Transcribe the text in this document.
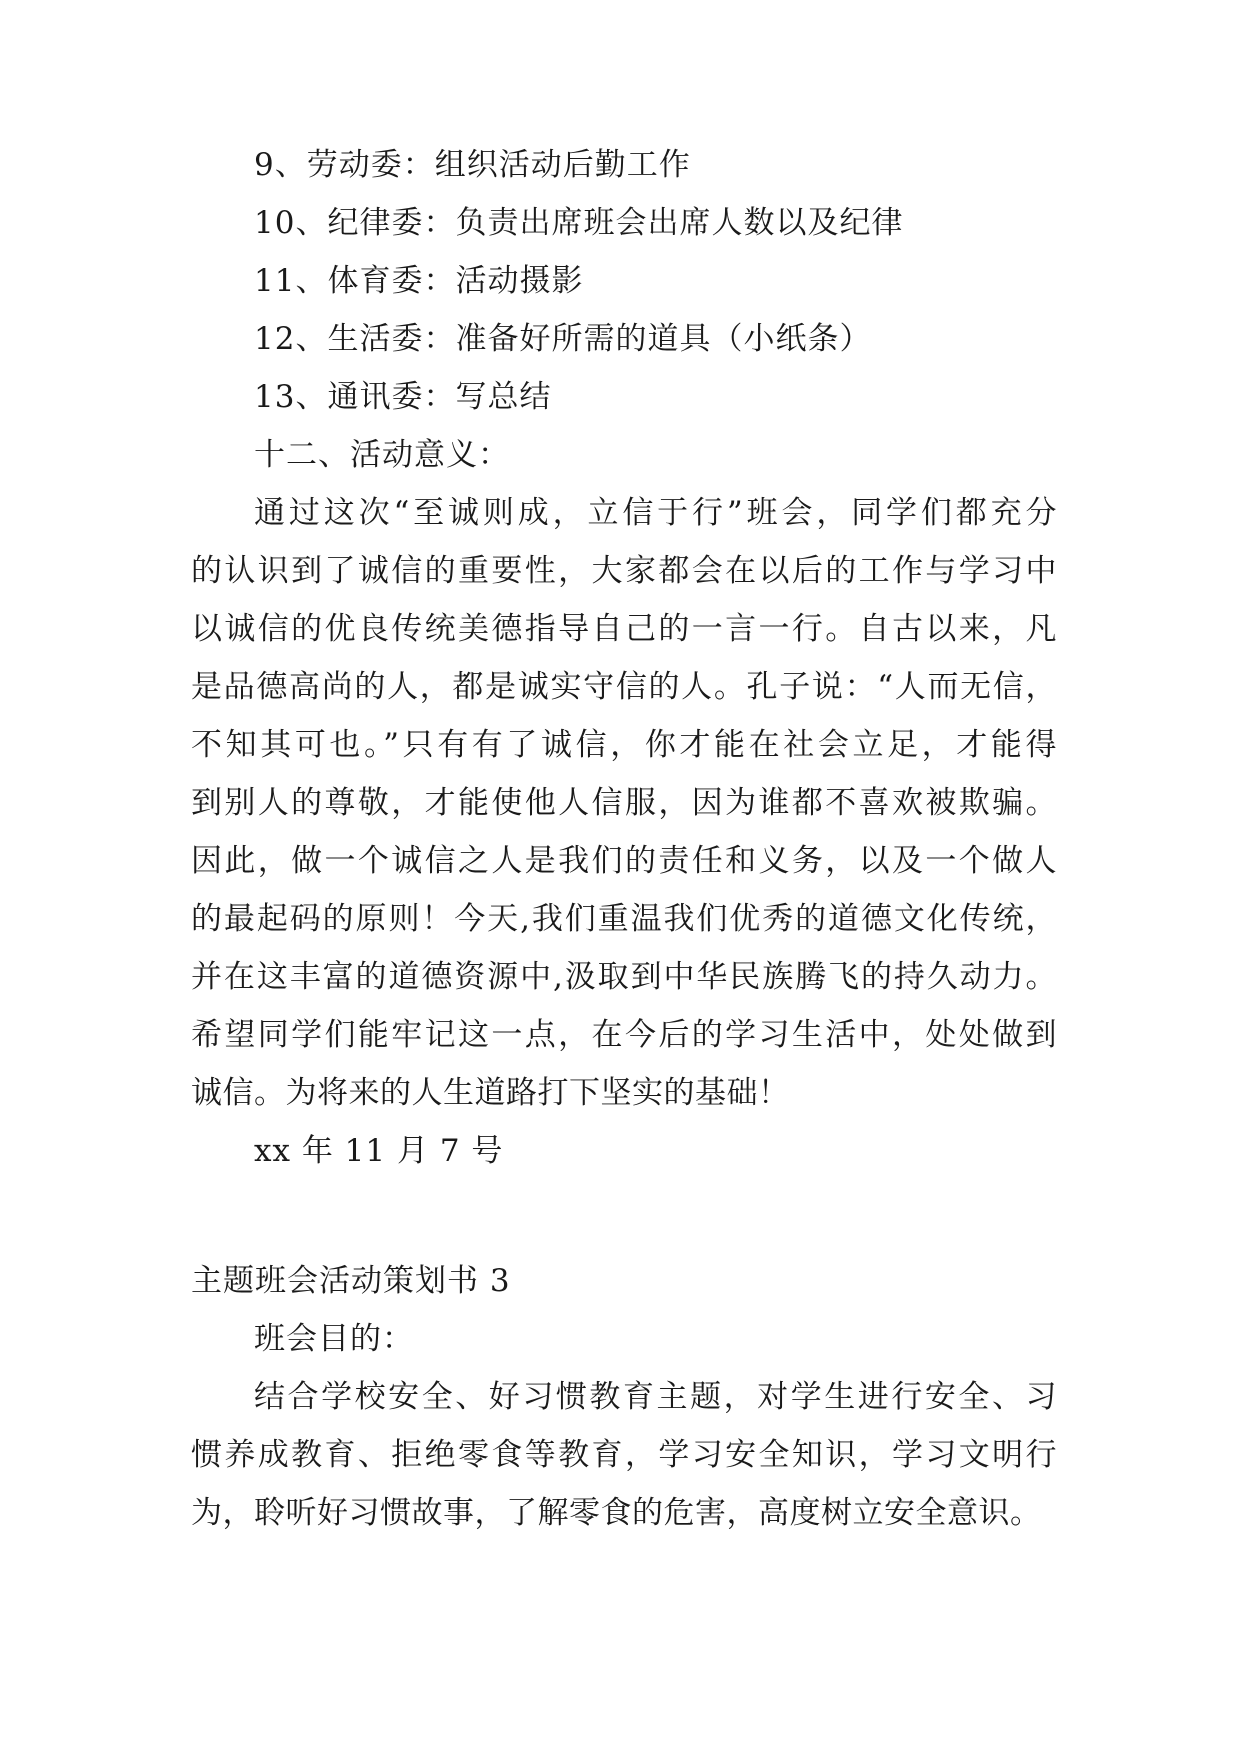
9、劳动委：组织活动后勤工作
10、纪律委：负责出席班会出席人数以及纪律
11、体育委：活动摄影
12、生活委：准备好所需的道具（小纸条）
13、通讯委：写总结
十二、活动意义：
通过这次“至诚则成，立信于行”班会，同学们都充分
的认识到了诚信的重要性，大家都会在以后的工作与学习中
以诚信的优良传统美德指导自己的一言一行。自古以来，凡
是品德高尚的人，都是诚实守信的人。孔子说：“人而无信，
不知其可也。”只有有了诚信，你才能在社会立足，才能得
到别人的尊敬，才能使他人信服，因为谁都不喜欢被欺骗。
因此，做一个诚信之人是我们的责任和义务，以及一个做人
的最起码的原则！今天,我们重温我们优秀的道德文化传统，
并在这丰富的道德资源中,汲取到中华民族腾飞的持久动力。
希望同学们能牢记这一点，在今后的学习生活中，处处做到
诚信。为将来的人生道路打下坚实的基础！
xx 年 11 月 7 号
主题班会活动策划书 3
班会目的：
结合学校安全、好习惯教育主题，对学生进行安全、习
惯养成教育、拒绝零食等教育，学习安全知识，学习文明行
为，聆听好习惯故事，了解零食的危害，高度树立安全意识。
